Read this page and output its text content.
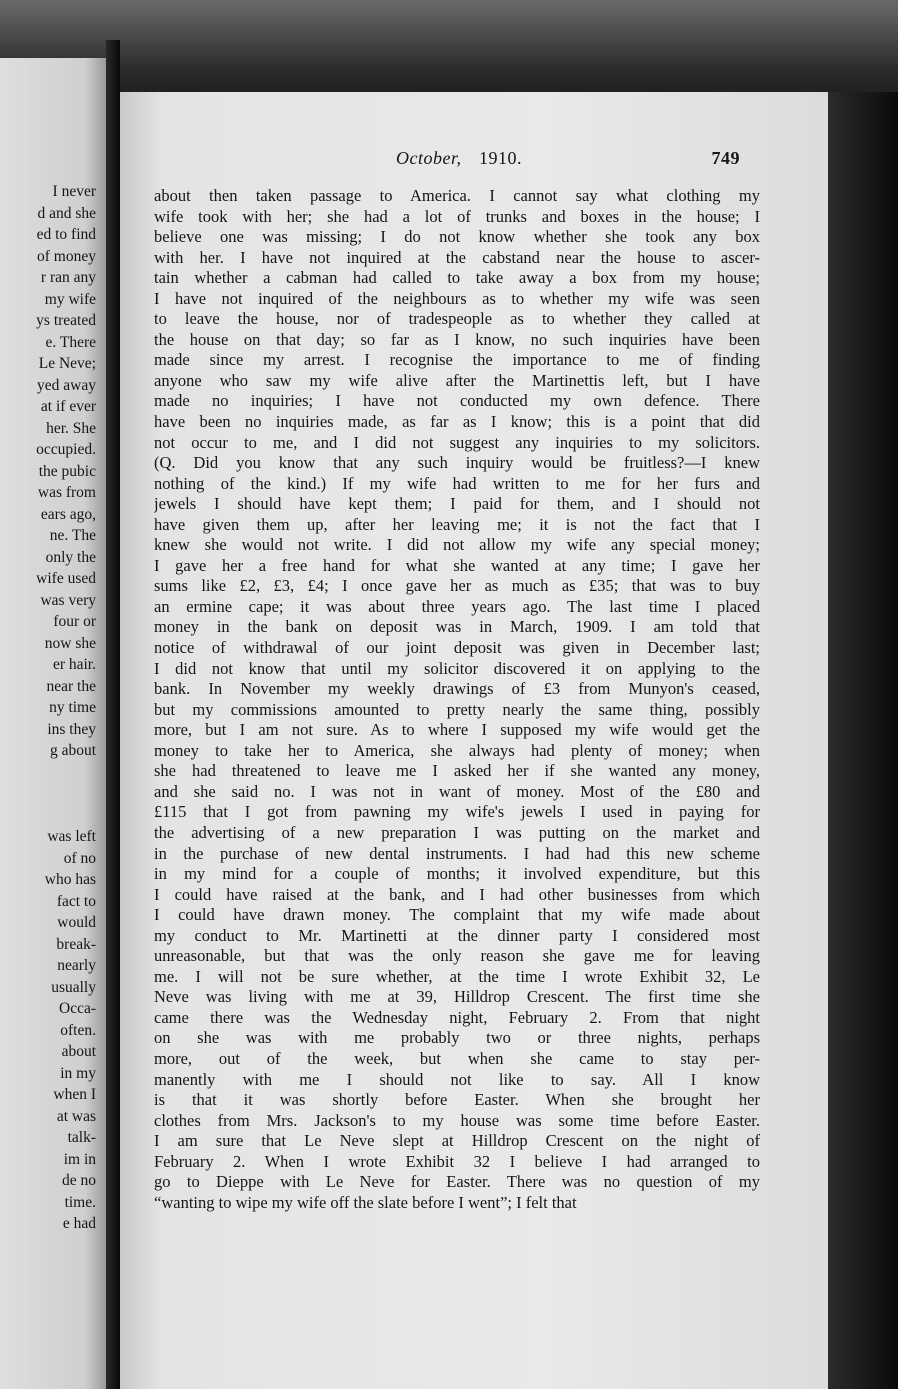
I never
d and she
ed to find
of money
r ran any
my wife
ys treated
e. There
Le Neve;
yed away
at if ever
her. She
occupied.
the pubic
was from
ears ago,
ne. The
only the
wife used
was very
four or
now she
er hair.
near the
ny time
ins they
g about
was left
of no
who has
fact to
would
break-
nearly
usually
Occa-
often.
about
in my
when I
at was
talk-
im in
de no
time.
e had
October, 1910.	749
about then taken passage to America. I cannot say what clothing my
wife took with her; she had a lot of trunks and boxes in the house; I
believe one was missing; I do not know whether she took any box
with her. I have not inquired at the cabstand near the house to ascer-
tain whether a cabman had called to take away a box from my house;
I have not inquired of the neighbours as to whether my wife was seen
to leave the house, nor of tradespeople as to whether they called at
the house on that day; so far as I know, no such inquiries have been
made since my arrest. I recognise the importance to me of finding
anyone who saw my wife alive after the Martinettis left, but I have
made no inquiries; I have not conducted my own defence. There
have been no inquiries made, as far as I know; this is a point that did
not occur to me, and I did not suggest any inquiries to my solicitors.
(Q. Did you know that any such inquiry would be fruitless?—I knew
nothing of the kind.) If my wife had written to me for her furs and
jewels I should have kept them; I paid for them, and I should not
have given them up, after her leaving me; it is not the fact that I
knew she would not write. I did not allow my wife any special money;
I gave her a free hand for what she wanted at any time; I gave her
sums like £2, £3, £4; I once gave her as much as £35; that was to buy
an ermine cape; it was about three years ago. The last time I placed
money in the bank on deposit was in March, 1909. I am told that
notice of withdrawal of our joint deposit was given in December last;
I did not know that until my solicitor discovered it on applying to the
bank. In November my weekly drawings of £3 from Munyon's ceased,
but my commissions amounted to pretty nearly the same thing, possibly
more, but I am not sure. As to where I supposed my wife would get the
money to take her to America, she always had plenty of money; when
she had threatened to leave me I asked her if she wanted any money,
and she said no. I was not in want of money. Most of the £80 and
£115 that I got from pawning my wife's jewels I used in paying for
the advertising of a new preparation I was putting on the market and
in the purchase of new dental instruments. I had had this new scheme
in my mind for a couple of months; it involved expenditure, but this
I could have raised at the bank, and I had other businesses from which
I could have drawn money. The complaint that my wife made about
my conduct to Mr. Martinetti at the dinner party I considered most
unreasonable, but that was the only reason she gave me for leaving
me. I will not be sure whether, at the time I wrote Exhibit 32, Le
Neve was living with me at 39, Hilldrop Crescent. The first time she
came there was the Wednesday night, February 2. From that night
on she was with me probably two or three nights, perhaps
more, out of the week, but when she came to stay per-
manently with me I should not like to say. All I know
is that it was shortly before Easter. When she brought her
clothes from Mrs. Jackson's to my house was some time before Easter.
I am sure that Le Neve slept at Hilldrop Crescent on the night of
February 2. When I wrote Exhibit 32 I believe I had arranged to
go to Dieppe with Le Neve for Easter. There was no question of my
“wanting to wipe my wife off the slate before I went”; I felt that
